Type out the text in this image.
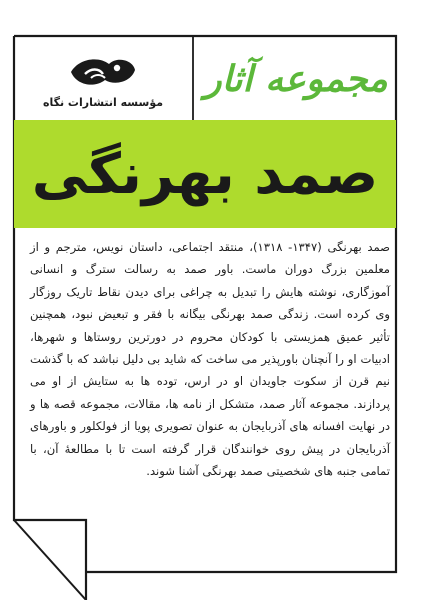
مؤسسه انتشارات نگاه
مجموعه آثار
صمد بهرنگی

صمد بهرنگی (۱۳۴۷- ۱۳۱۸)، منتقد اجتماعی، داستان نویس، مترجم و از معلمین بزرگ دوران ماست. باور صمد به رسالت سترگ و انسانی آموزگاری، نوشته هایش را تبدیل به چراغی برای دیدن نقاط تاریک روزگار وی کرده است. زندگی صمد بهرنگی بیگانه با فقر و تبعیض نبود، همچنین تأثیر عمیق همزیستی با کودکان محروم در دورترین روستاها و شهرها، ادبیات او را آنچنان باورپذیر می ساخت که شاید بی دلیل نباشد که با گذشت نیم قرن از سکوت جاویدان او در ارس، توده ها به ستایش از او می پردازند. مجموعه آثار صمد، متشکل از نامه ها، مقالات، مجموعه قصه ها و در نهایت افسانه های آذربایجان به عنوان تصویری پویا از فولکلور و باورهای آذربایجان در پیش روی خوانندگان قرار گرفته است تا با مطالعهٔ آن، با تمامی جنبه های شخصیتی صمد بهرنگی آشنا شوند.
